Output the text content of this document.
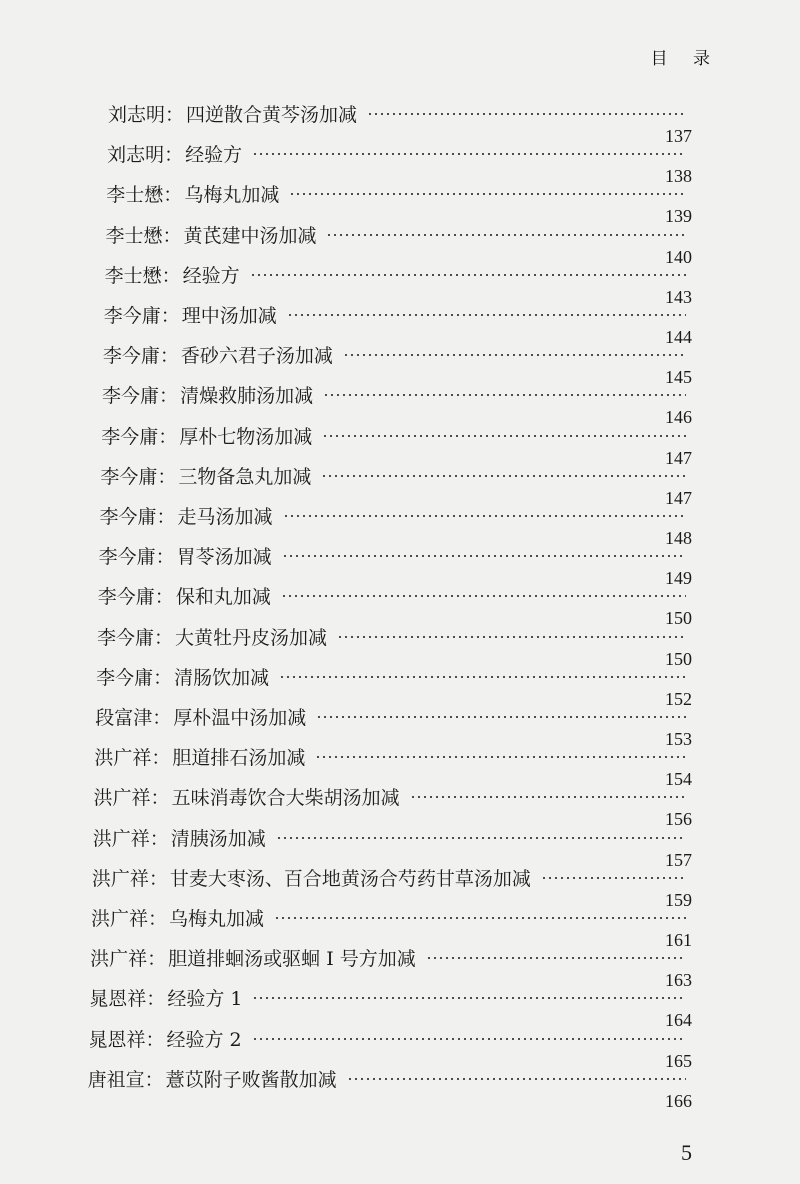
目 录
刘志明： 四逆散合黄芩汤加减
137
刘志明： 经验方
138
李士懋： 乌梅丸加减
139
李士懋： 黄芪建中汤加减
140
李士懋： 经验方
143
李今庸： 理中汤加减
144
李今庸： 香砂六君子汤加减
145
李今庸： 清燥救肺汤加减
146
李今庸： 厚朴七物汤加减
147
李今庸： 三物备急丸加减
147
李今庸： 走马汤加减
148
李今庸： 胃苓汤加减
149
李今庸： 保和丸加减
150
李今庸： 大黄牡丹皮汤加减
150
李今庸： 清肠饮加减
152
段富津： 厚朴温中汤加减
153
洪广祥： 胆道排石汤加减
154
洪广祥： 五味消毒饮合大柴胡汤加减
156
洪广祥： 清胰汤加减
157
洪广祥： 甘麦大枣汤、百合地黄汤合芍药甘草汤加减
159
洪广祥： 乌梅丸加减
161
洪广祥： 胆道排蛔汤或驱蛔 I 号方加减
163
晁恩祥： 经验方 1
164
晁恩祥： 经验方 2
165
唐祖宣： 薏苡附子败酱散加减
166
5
